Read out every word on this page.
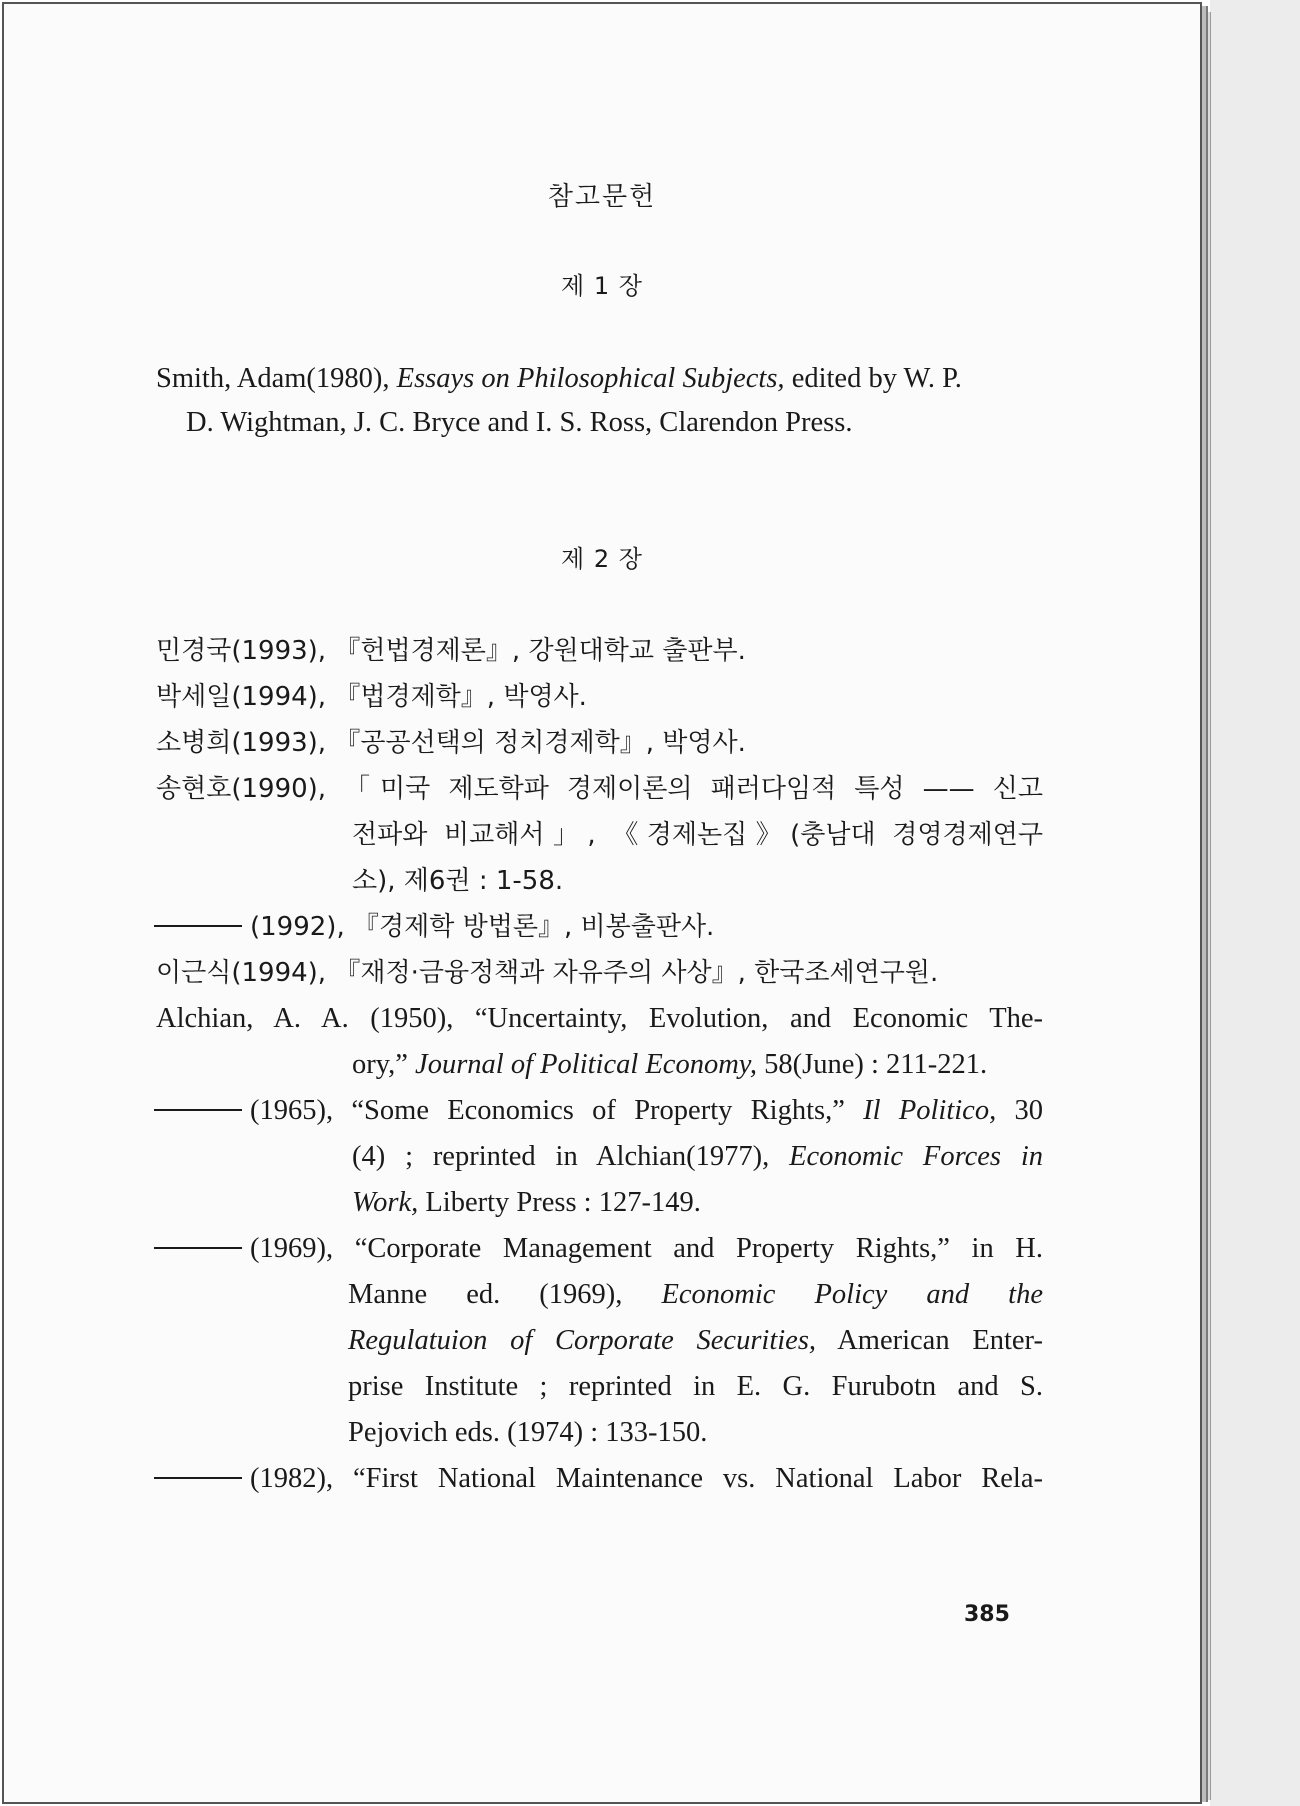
참고문헌
제 1 장
Smith, Adam(1980), Essays on Philosophical Subjects, edited by W. P.
D. Wightman, J. C. Bryce and I. S. Ross, Clarendon Press.
제 2 장
민경국(1993), 『헌법경제론』, 강원대학교 출판부.
박세일(1994), 『법경제학』, 박영사.
소병희(1993), 『공공선택의 정치경제학』, 박영사.
송현호(1990), 「미국 제도학파 경제이론의 패러다임적 특성 —— 신고
전파와 비교해서」, 《경제논집》(충남대 경영경제연구
소), 제6권 : 1-58.
(1992), 『경제학 방법론』, 비봉출판사.
이근식(1994), 『재정·금융정책과 자유주의 사상』, 한국조세연구원.
Alchian, A. A. (1950), “Uncertainty, Evolution, and Economic The-
ory,” Journal of Political Economy, 58(June) : 211-221.
(1965), “Some Economics of Property Rights,” Il Politico, 30
(4) ; reprinted in Alchian(1977), Economic Forces in
Work, Liberty Press : 127-149.
(1969), “Corporate Management and Property Rights,” in H.
Manne ed. (1969), Economic Policy and the
Regulatuion of Corporate Securities, American Enter-
prise Institute ; reprinted in E. G. Furubotn and S.
Pejovich eds. (1974) : 133-150.
(1982), “First National Maintenance vs. National Labor Rela-
385
